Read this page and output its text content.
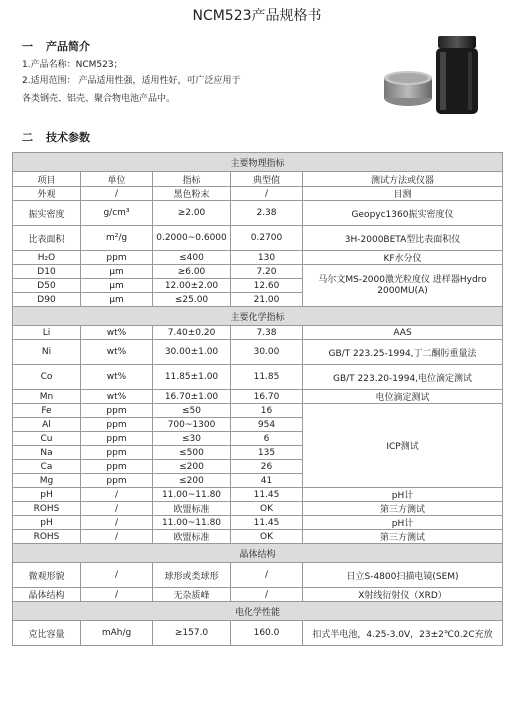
NCM523产品规格书
一 产品简介
1.产品名称：NCM523；
2.适用范围： 产品适用性强，适用性好，可广泛应用于
各类钢壳、铝壳、聚合物电池产品中。
二 技术参数
主要物理指标				
项目	单位	指标	典型值	测试方法或仪器
外观	/	黑色粉末	/	目测
振实密度	g/cm³	≥2.00	2.38	Geopyc1360振实密度仪
比表面积	m²/g	0.2000~0.6000	0.2700	3H-2000BETA型比表面积仪
H₂O	ppm	≤400	130	KF水分仪
D10	μm	≥6.00	7.20	马尔文MS-2000激光粒度仪 进样器Hydro 2000MU(A)
D50	μm	12.00±2.00	12.60	
D90	μm	≤25.00	21.00	
主要化学指标				
Li	wt%	7.40±0.20	7.38	AAS
Ni	wt%	30.00±1.00	30.00	GB/T 223.25-1994,丁二酮肟重量法
Co	wt%	11.85±1.00	11.85	GB/T 223.20-1994,电位滴定测试
Mn	wt%	16.70±1.00	16.70	电位滴定测试
Fe	ppm	≤50	16	ICP测试
Al	ppm	700~1300	954	
Cu	ppm	≤30	6	
Na	ppm	≤500	135	
Ca	ppm	≤200	26	
Mg	ppm	≤200	41	
pH	/	11.00~11.80	11.45	pH计
ROHS	/	欧盟标准	OK	第三方测试
pH	/	11.00~11.80	11.45	pH计
ROHS	/	欧盟标准	OK	第三方测试
晶体结构				
微观形貌	/	球形或类球形	/	日立S-4800扫描电镜(SEM)
晶体结构	/	无杂质峰	/	X射线衍射仪（XRD）
电化学性能				
克比容量	mAh/g	≥157.0	160.0	扣式半电池，4.25-3.0V，23±2℃0.2C充放
